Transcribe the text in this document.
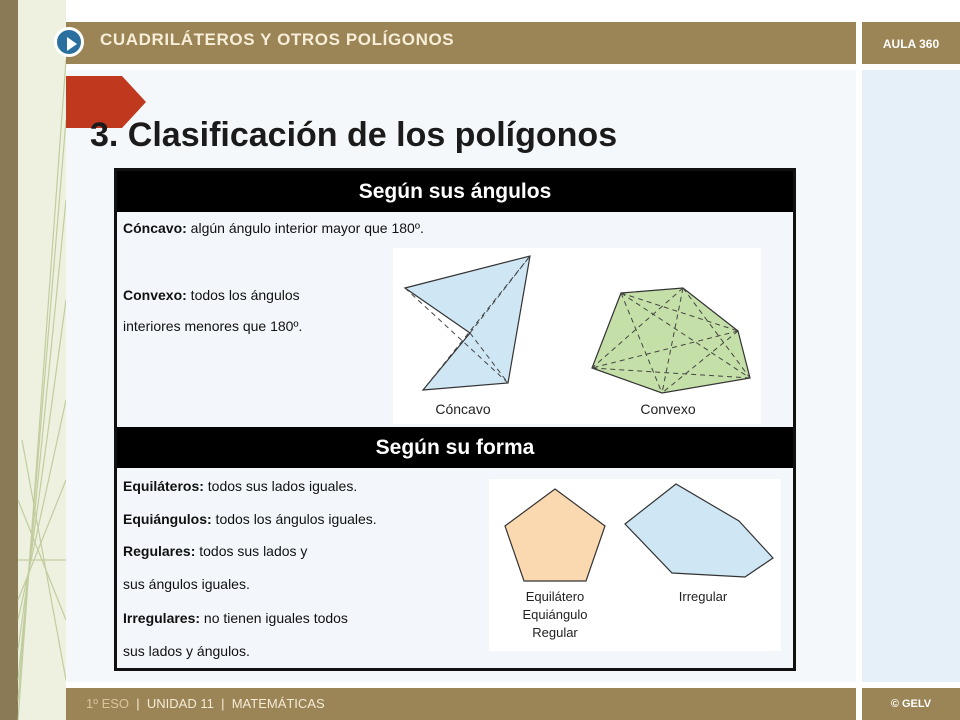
CUADRILÁTEROS Y OTROS POLÍGONOS	AULA 360
3. Clasificación de los polígonos
Según sus ángulos
Cóncavo: algún ángulo interior mayor que 180º.
Convexo: todos los ángulos
interiores menores que 180º.
Cóncavo	Convexo
Según su forma
Equiláteros: todos sus lados iguales.
Equiángulos: todos los ángulos iguales.
Regulares: todos sus lados y
sus ángulos iguales.
Irregulares: no tienen iguales todos
sus lados y ángulos.
Equilátero
Equiángulo
Regular
Irregular
1º ESO | UNIDAD 11 | MATEMÁTICAS	© GELV
